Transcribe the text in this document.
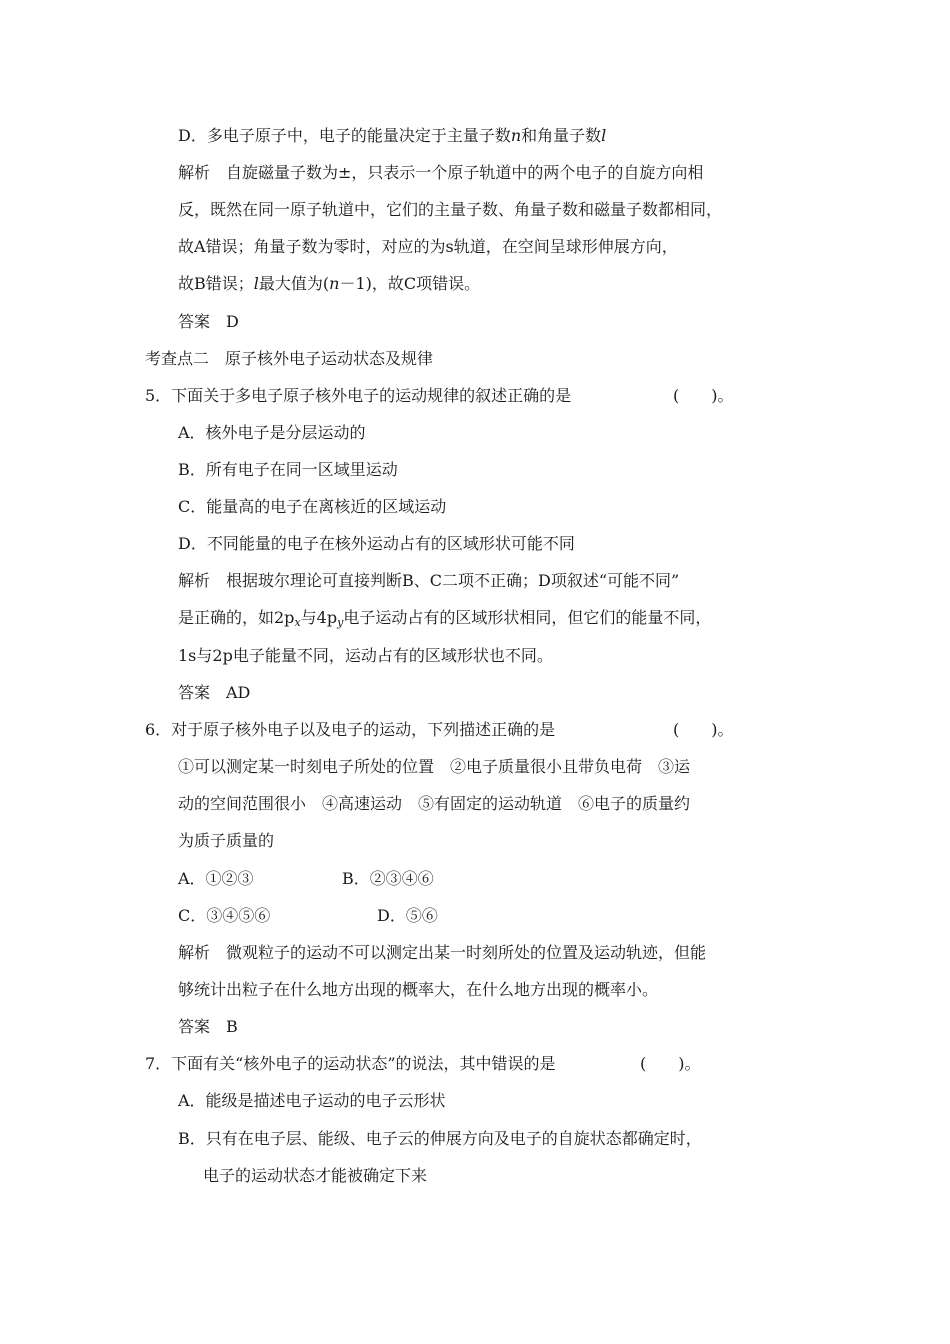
D．多电子原子中，电子的能量决定于主量子数n和角量子数l
解析　自旋磁量子数为±，只表示一个原子轨道中的两个电子的自旋方向相
反，既然在同一原子轨道中，它们的主量子数、角量子数和磁量子数都相同，
故A错误；角量子数为零时，对应的为s轨道，在空间呈球形伸展方向，
故B错误；l最大值为(n－1)，故C项错误。
答案　D
考查点二　原子核外电子运动状态及规律
5．下面关于多电子原子核外电子的运动规律的叙述正确的是	(　　)。
A．核外电子是分层运动的
B．所有电子在同一区域里运动
C．能量高的电子在离核近的区域运动
D．不同能量的电子在核外运动占有的区域形状可能不同
解析　根据玻尔理论可直接判断B、C二项不正确；D项叙述“可能不同”
是正确的，如$2p_x$与$4p_y$电子运动占有的区域形状相同，但它们的能量不同，
1s与2p电子能量不同，运动占有的区域形状也不同。
答案　AD
6．对于原子核外电子以及电子的运动，下列描述正确的是	(　　)。
①可以测定某一时刻电子所处的位置　②电子质量很小且带负电荷　③运
动的空间范围很小　④高速运动　⑤有固定的运动轨道　⑥电子的质量约
为质子质量的
A．①②③	B．②③④⑥
C．③④⑤⑥	D．⑤⑥
解析　微观粒子的运动不可以测定出某一时刻所处的位置及运动轨迹，但能
够统计出粒子在什么地方出现的概率大，在什么地方出现的概率小。
答案　B
7．下面有关“核外电子的运动状态”的说法，其中错误的是	(　　)。
A．能级是描述电子运动的电子云形状
B．只有在电子层、能级、电子云的伸展方向及电子的自旋状态都确定时，
电子的运动状态才能被确定下来
